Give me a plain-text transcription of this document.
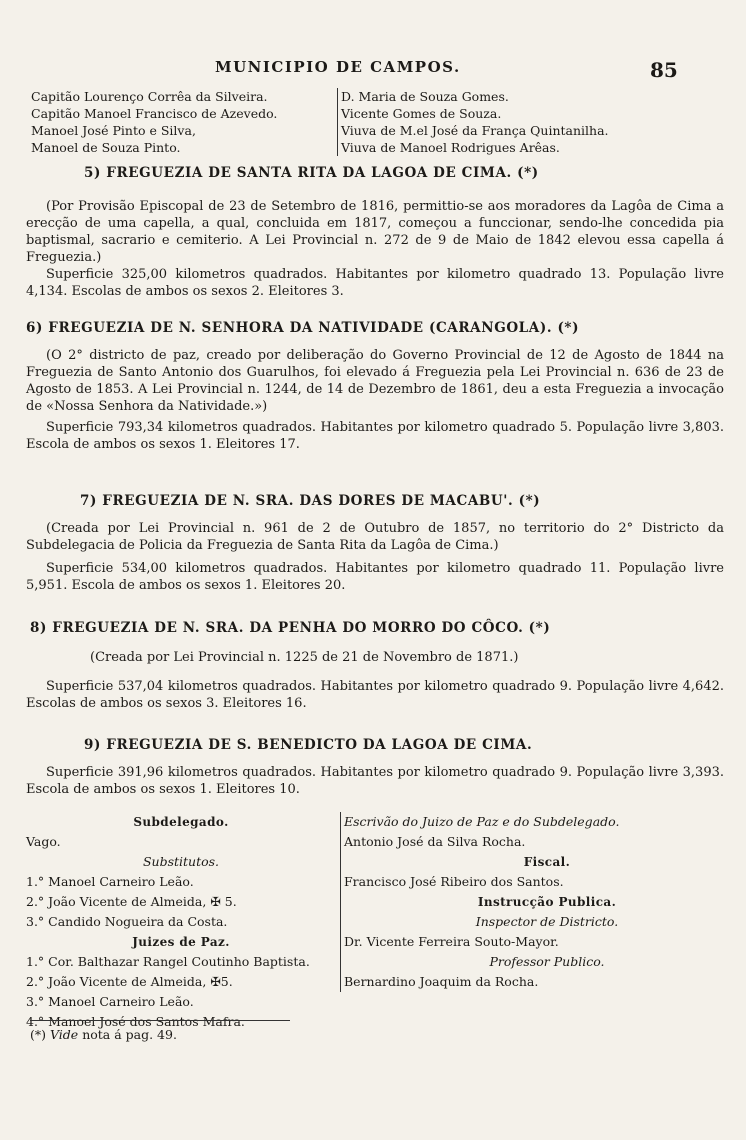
MUNICIPIO DE CAMPOS.	85
Capitão Lourenço Corrêa da Silveira.
Capitão Manoel Francisco de Azevedo.
Manoel José Pinto e Silva,
Manoel de Souza Pinto.
D. Maria de Souza Gomes.
Vicente Gomes de Souza.
Viuva de M.el José da França Quintanilha.
Viuva de Manoel Rodrigues Arêas.
5) FREGUEZIA DE SANTA RITA DA LAGOA DE CIMA. (*)

(Por Provisão Episcopal de 23 de Setembro de 1816, permittio-se aos moradores da Lagôa de Cima a erecção de uma capella, a qual, concluida em 1817, começou a funccionar, sendo-lhe concedida pia baptismal, sacrario e cemiterio. A Lei Provincial n. 272 de 9 de Maio de 1842 elevou essa capella á Freguezia.)

Superficie 325,00 kilometros quadrados. Habitantes por kilometro quadrado 13. População livre 4,134. Escolas de ambos os sexos 2. Eleitores 3.

6) FREGUEZIA DE N. SENHORA DA NATIVIDADE (CARANGOLA). (*)

(O 2° districto de paz, creado por deliberação do Governo Provincial de 12 de Agosto de 1844 na Freguezia de Santo Antonio dos Guarulhos, foi elevado á Freguezia pela Lei Provincial n. 636 de 23 de Agosto de 1853. A Lei Provincial n. 1244, de 14 de Dezembro de 1861, deu a esta Freguezia a invocação de «Nossa Senhora da Natividade.»)

Superficie 793,34 kilometros quadrados. Habitantes por kilometro quadrado 5. População livre 3,803. Escola de ambos os sexos 1. Eleitores 17.

7) FREGUEZIA DE N. SRA. DAS DORES DE MACABU'. (*)

(Creada por Lei Provincial n. 961 de 2 de Outubro de 1857, no territorio do 2° Districto da Subdelegacia de Policia da Freguezia de Santa Rita da Lagôa de Cima.)

Superficie 534,00 kilometros quadrados. Habitantes por kilometro quadrado 11. População livre 5,951. Escola de ambos os sexos 1. Eleitores 20.

8) FREGUEZIA DE N. SRA. DA PENHA DO MORRO DO CÔCO. (*)

(Creada por Lei Provincial n. 1225 de 21 de Novembro de 1871.)

Superficie 537,04 kilometros quadrados. Habitantes por kilometro quadrado 9. População livre 4,642. Escolas de ambos os sexos 3. Eleitores 16.

9) FREGUEZIA DE S. BENEDICTO DA LAGOA DE CIMA.

Superficie 391,96 kilometros quadrados. Habitantes por kilometro quadrado 9. População livre 3,393. Escola de ambos os sexos 1. Eleitores 10.

Subdelegado.
Vago.
Substitutos.
1.° Manoel Carneiro Leão.
2.° João Vicente de Almeida, ✠ 5.
3.° Candido Nogueira da Costa.
Juizes de Paz.
1.° Cor. Balthazar Rangel Coutinho Baptista.
2.° João Vicente de Almeida, ✠5.
3.° Manoel Carneiro Leão.
4.° Manoel José dos Santos Mafra.
Escrivão do Juizo de Paz e do Subdelegado.
Antonio José da Silva Rocha.
Fiscal.
Francisco José Ribeiro dos Santos.
Instrucção Publica.
Inspector de Districto.
Dr. Vicente Ferreira Souto-Mayor.
Professor Publico.
Bernardino Joaquim da Rocha.
(*) Vide nota á pag. 49.
